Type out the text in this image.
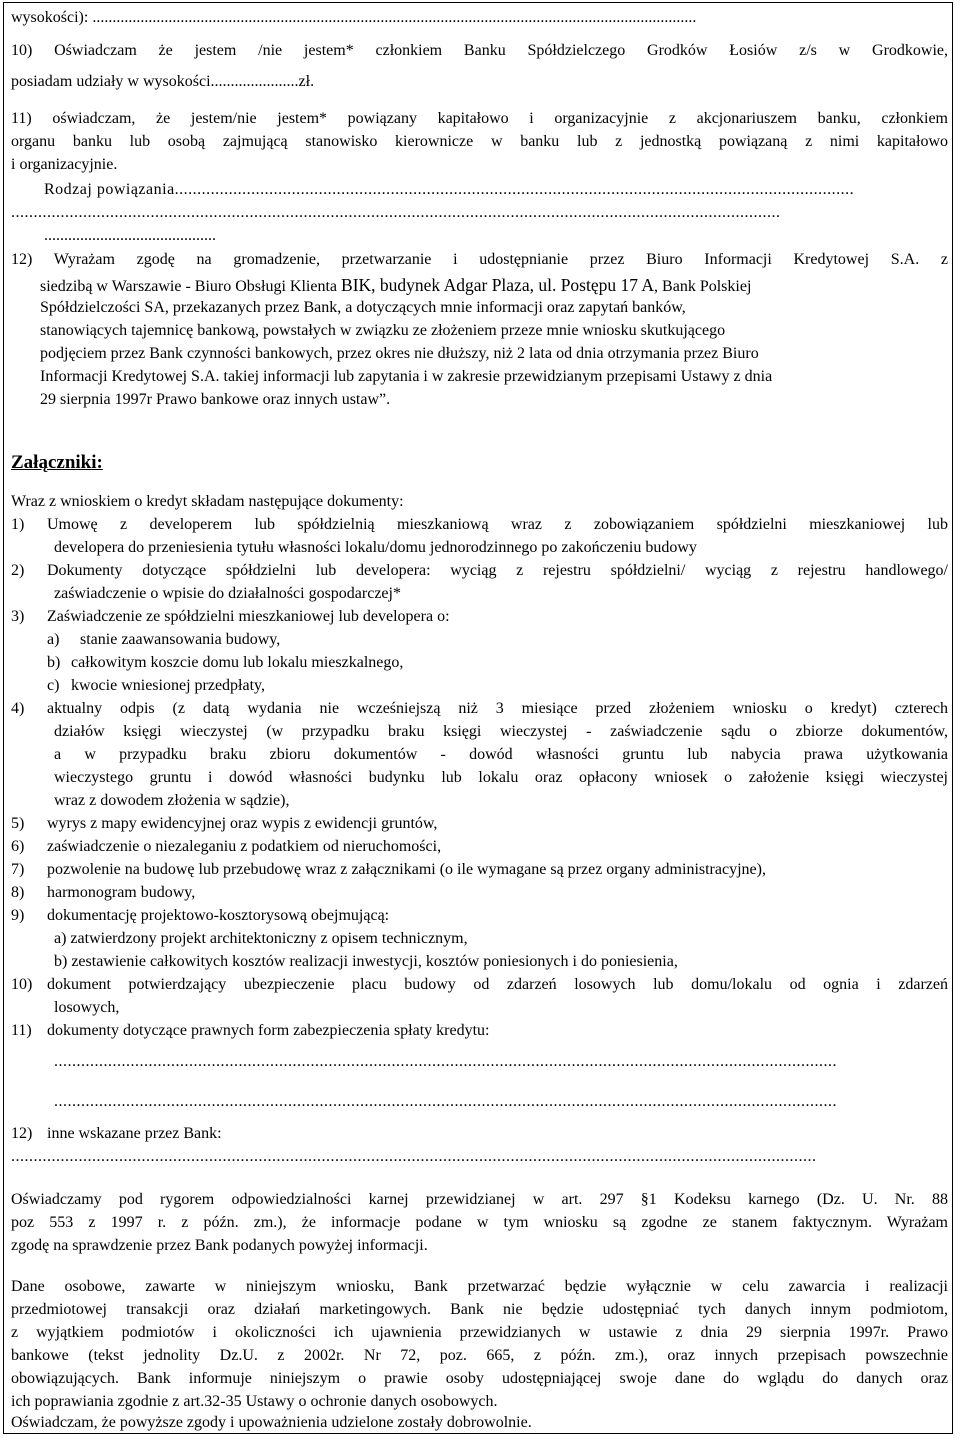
wysokości): .......................................................................................................................................................
10) Oświadczam że jestem /nie jestem* członkiem Banku Spółdzielczego Grodków Łosiów z/s w Grodkowie,
posiadam udziały w wysokości......................zł.
11) oświadczam, że jestem/nie jestem* powiązany kapitałowo i organizacyjnie z akcjonariuszem banku, członkiem
organu banku lub osobą zajmującą stanowisko kierownicze w banku lub z jednostką powiązaną z nimi kapitałowo
i organizacyjnie.
Rodzaj powiązania.......................................................................................................................................................
...........................................................................................................................................................................
...........................................
12) Wyrażam zgodę na gromadzenie, przetwarzanie i udostępnianie przez Biuro Informacji Kredytowej S.A. z
siedzibą w Warszawie - Biuro Obsługi Klienta BIK, budynek Adgar Plaza, ul. Postępu 17 A, Bank Polskiej
Spółdzielczości SA, przekazanych przez Bank, a dotyczących mnie informacji oraz zapytań banków,
stanowiących tajemnicę bankową, powstałych w związku ze złożeniem przeze mnie wniosku skutkującego
podjęciem przez Bank czynności bankowych, przez okres nie dłuższy, niż 2 lata od dnia otrzymania przez Biuro
Informacji Kredytowej S.A. takiej informacji lub zapytania i w zakresie przewidzianym przepisami Ustawy z dnia
29 sierpnia 1997r Prawo bankowe oraz innych ustaw”.
Załączniki:
Wraz z wnioskiem o kredyt składam następujące dokumenty:
1) Umowę z developerem lub spółdzielnią mieszkaniową wraz z zobowiązaniem spółdzielni mieszkaniowej lub
developera do przeniesienia tytułu własności lokalu/domu jednorodzinnego po zakończeniu budowy
2) Dokumenty dotyczące spółdzielni lub developera: wyciąg z rejestru spółdzielni/ wyciąg z rejestru handlowego/
zaświadczenie o wpisie do działalności gospodarczej*
3) Zaświadczenie ze spółdzielni mieszkaniowej lub developera o:
a) stanie zaawansowania budowy,
b) całkowitym koszcie domu lub lokalu mieszkalnego,
c) kwocie wniesionej przedpłaty,
4) aktualny odpis (z datą wydania nie wcześniejszą niż 3 miesiące przed złożeniem wniosku o kredyt) czterech
działów księgi wieczystej (w przypadku braku księgi wieczystej - zaświadczenie sądu o zbiorze dokumentów,
a w przypadku braku zbioru dokumentów - dowód własności gruntu lub nabycia prawa użytkowania
wieczystego gruntu i dowód własności budynku lub lokalu oraz opłacony wniosek o założenie księgi wieczystej
wraz z dowodem złożenia w sądzie),
5) wyrys z mapy ewidencyjnej oraz wypis z ewidencji gruntów,
6) zaświadczenie o niezaleganiu z podatkiem od nieruchomości,
7) pozwolenie na budowę lub przebudowę wraz z załącznikami (o ile wymagane są przez organy administracyjne),
8) harmonogram budowy,
9) dokumentację projektowo-kosztorysową obejmującą:
a) zatwierdzony projekt architektoniczny z opisem technicznym,
b) zestawienie całkowitych kosztów realizacji inwestycji, kosztów poniesionych i do poniesienia,
10) dokument potwierdzający ubezpieczenie placu budowy od zdarzeń losowych lub domu/lokalu od ognia i zdarzeń
losowych,
11) dokumenty dotyczące prawnych form zabezpieczenia spłaty kredytu:
..............................................................................................................................................................................
..............................................................................................................................................................................
12) inne wskazane przez Bank:
...................................................................................................................................................................................
Oświadczamy pod rygorem odpowiedzialności karnej przewidzianej w art. 297 §1 Kodeksu karnego (Dz. U. Nr. 88
poz 553 z 1997 r. z późn. zm.), że informacje podane w tym wniosku są zgodne ze stanem faktycznym. Wyrażam
zgodę na sprawdzenie przez Bank podanych powyżej informacji.
Dane osobowe, zawarte w niniejszym wniosku, Bank przetwarzać będzie wyłącznie w celu zawarcia i realizacji
przedmiotowej transakcji oraz działań marketingowych. Bank nie będzie udostępniać tych danych innym podmiotom,
z wyjątkiem podmiotów i okoliczności ich ujawnienia przewidzianych w ustawie z dnia 29 sierpnia 1997r. Prawo
bankowe (tekst jednolity Dz.U. z 2002r. Nr 72, poz. 665, z późn. zm.), oraz innych przepisach powszechnie
obowiązujących. Bank informuje niniejszym o prawie osoby udostępniającej swoje dane do wglądu do danych oraz
ich poprawiania zgodnie z art.32-35 Ustawy o ochronie danych osobowych.
Oświadczam, że powyższe zgody i upoważnienia udzielone zostały dobrowolnie.
